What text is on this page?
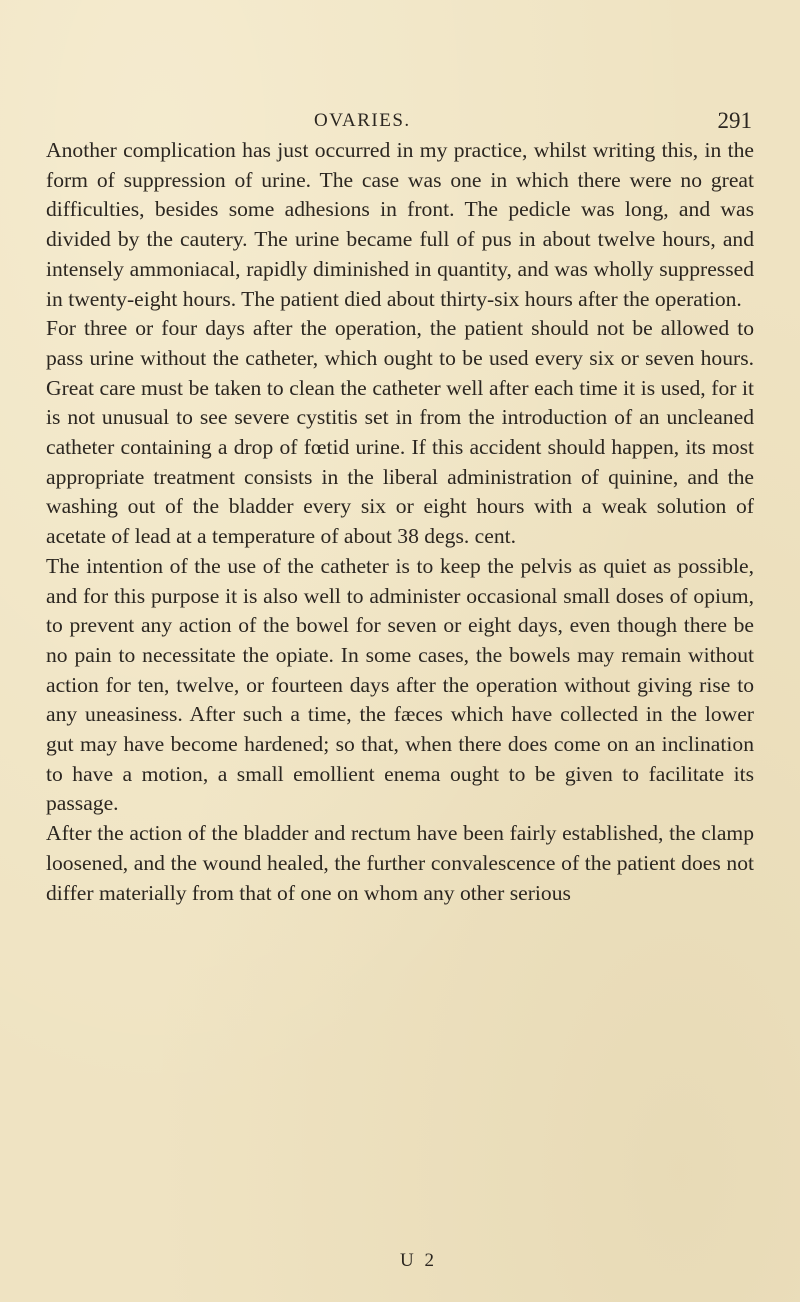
OVARIES.	291

Another complication has just occurred in my practice, whilst writing this, in the form of suppression of urine. The case was one in which there were no great difficulties, besides some adhesions in front. The pedicle was long, and was divided by the cautery. The urine became full of pus in about twelve hours, and intensely ammoniacal, rapidly diminished in quantity, and was wholly suppressed in twenty-eight hours. The patient died about thirty-six hours after the operation.

For three or four days after the operation, the patient should not be allowed to pass urine without the catheter, which ought to be used every six or seven hours. Great care must be taken to clean the catheter well after each time it is used, for it is not unusual to see severe cystitis set in from the introduction of an uncleaned catheter containing a drop of fœtid urine. If this accident should happen, its most appropriate treatment consists in the liberal administration of quinine, and the washing out of the bladder every six or eight hours with a weak solution of acetate of lead at a temperature of about 38 degs. cent.

The intention of the use of the catheter is to keep the pelvis as quiet as possible, and for this purpose it is also well to administer occasional small doses of opium, to prevent any action of the bowel for seven or eight days, even though there be no pain to necessitate the opiate. In some cases, the bowels may remain without action for ten, twelve, or fourteen days after the operation without giving rise to any uneasiness. After such a time, the fæces which have collected in the lower gut may have become hardened; so that, when there does come on an inclination to have a motion, a small emollient enema ought to be given to facilitate its passage.

After the action of the bladder and rectum have been fairly established, the clamp loosened, and the wound healed, the further convalescence of the patient does not differ materially from that of one on whom any other serious

U 2
